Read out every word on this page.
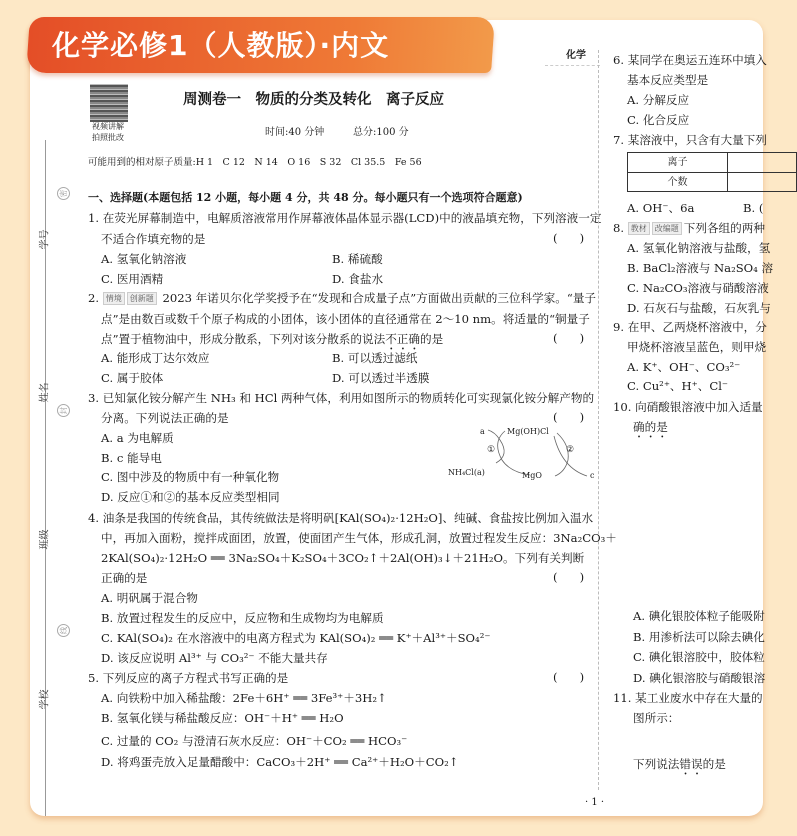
化学
化学必修1（人教版）·内文
学号
姓名
班级
学校
密
封
线
视频讲解
拍照批改
周测卷一　物质的分类及转化　离子反应
时间:40 分钟	总分:100 分
可能用到的相对原子质量:H 1　C 12　N 14　O 16　S 32　Cl 35.5　Fe 56
一、选择题(本题包括 12 小题，每小题 4 分，共 48 分。每小题只有一个选项符合题意)
1. 在荧光屏幕制造中，电解质溶液常用作屏幕液体晶体显示器(LCD)中的液晶填充物，下列溶液一定
不适合作填充物的是	(      )
A. 氢氧化钠溶液	B. 稀硫酸
C. 医用酒精	D. 食盐水
2. 情境 创新题 2023 年诺贝尔化学奖授予在“发现和合成量子点”方面做出贡献的三位科学家。“量子
点”是由数百或数千个原子构成的小团体，该小团体的直径通常在 2～10 nm。将适量的“铜量子
点”置于植物油中，形成分散系，下列对该分散系的说法不正确的是	(      )
A. 能形成丁达尔效应	B. 可以透过滤纸
C. 属于胶体	D. 可以透过半透膜
3. 已知氯化铵分解产生 NH₃ 和 HCl 两种气体，利用如图所示的物质转化可实现氯化铵分解产物的
分离。下列说法正确的是	(      )
A. a 为电解质
B. c 能导电
C. 图中涉及的物质中有一种氧化物
D. 反应①和②的基本反应类型相同
a	Mg(OH)Cl
①	②
NH₄Cl(a)	MgO	c
4. 油条是我国的传统食品，其传统做法是将明矾[KAl(SO₄)₂·12H₂O]、纯碱、食盐按比例加入温水
中，再加入面粉，搅拌成面团，放置，使面团产生气体，形成孔洞，放置过程发生反应：3Na₂CO₃＋
2KAl(SO₄)₂·12H₂O ══ 3Na₂SO₄＋K₂SO₄＋3CO₂↑＋2Al(OH)₃↓＋21H₂O。下列有关判断
正确的是	(      )
A. 明矾属于混合物
B. 放置过程发生的反应中，反应物和生成物均为电解质
C. KAl(SO₄)₂ 在水溶液中的电离方程式为 KAl(SO₄)₂ ══ K⁺＋Al³⁺＋SO₄²⁻
D. 该反应说明 Al³⁺ 与 CO₃²⁻ 不能大量共存
5. 下列反应的离子方程式书写正确的是	(      )
A. 向铁粉中加入稀盐酸：2Fe＋6H⁺ ══ 3Fe³⁺＋3H₂↑
B. 氢氧化镁与稀盐酸反应：OH⁻＋H⁺ ══ H₂O
C. 过量的 CO₂ 与澄清石灰水反应：OH⁻＋CO₂ ══ HCO₃⁻
D. 将鸡蛋壳放入足量醋酸中：CaCO₃＋2H⁺ ══ Ca²⁺＋H₂O＋CO₂↑
6. 某同学在奥运五连环中填入
基本反应类型是
A. 分解反应
C. 化合反应
7. 某溶液中，只含有大量下列
离子
个数
A. OH⁻、6a	B. (
8. 教材 改编题 下列各组的两种
A. 氢氧化钠溶液与盐酸，氢
B. BaCl₂溶液与 Na₂SO₄ 溶
C. Na₂CO₃溶液与硝酸溶液
D. 石灰石与盐酸，石灰乳与
9. 在甲、乙两烧杯溶液中，分
甲烧杯溶液呈蓝色，则甲烧
A. K⁺、OH⁻、CO₃²⁻
C. Cu²⁺、H⁺、Cl⁻
10. 向硝酸银溶液中加入适量
确的是
A. 碘化银胶体粒子能吸附
B. 用渗析法可以除去碘化
C. 碘化银溶胶中，胶体粒
D. 碘化银溶胶与硝酸银溶
11. 某工业废水中存在大量的
图所示：
下列说法错误的是
· 1 ·
